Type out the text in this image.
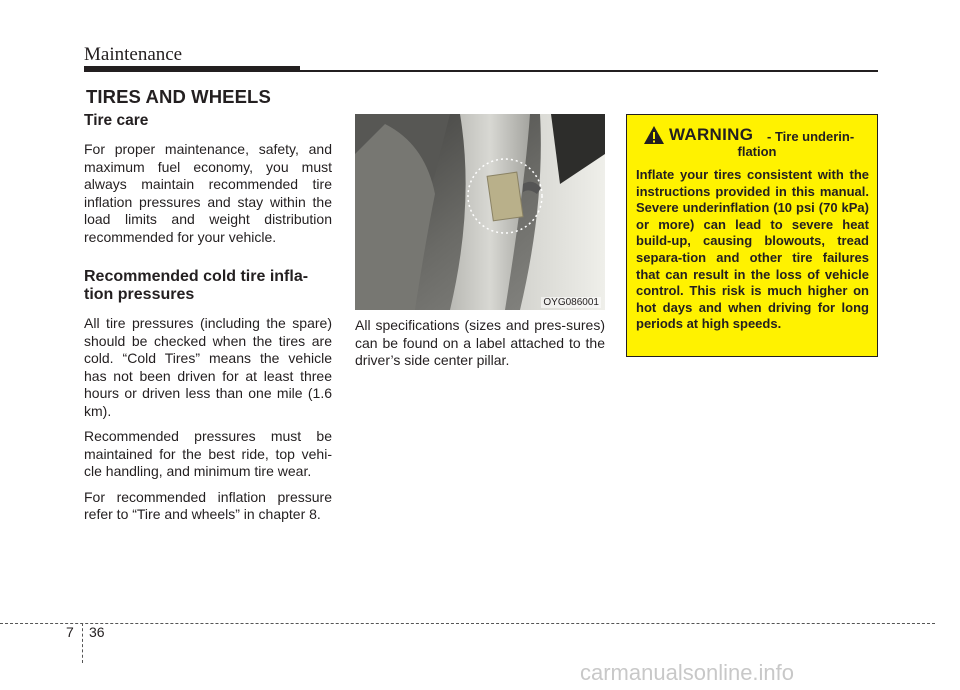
Maintenance
TIRES AND WHEELS
Tire care

For proper maintenance, safety, and maximum fuel economy, you must always maintain recommended tire inflation pressures and stay within the load limits and weight distribution recommended for your vehicle.

Recommended cold tire infla-tion pressures

All tire pressures (including the spare) should be checked when the tires are cold. “Cold Tires” means the vehicle has not been driven for at least three hours or driven less than one mile (1.6 km).

Recommended pressures must be maintained for the best ride, top vehi-cle handling, and minimum tire wear.

For recommended inflation pressure refer to “Tire and wheels” in chapter 8.

OYG086001

All specifications (sizes and pres-sures) can be found on a label attached to the driver’s side center pillar.

WARNING - Tire underin-
flation

Inflate your tires consistent with the instructions provided in this manual. Severe underinflation (10 psi (70 kPa) or more) can lead to severe heat build-up, causing blowouts, tread separa-tion and other tire failures that can result in the loss of vehicle control. This risk is much higher on hot days and when driving for long periods at high speeds.

7 36
carmanualsonline.info
